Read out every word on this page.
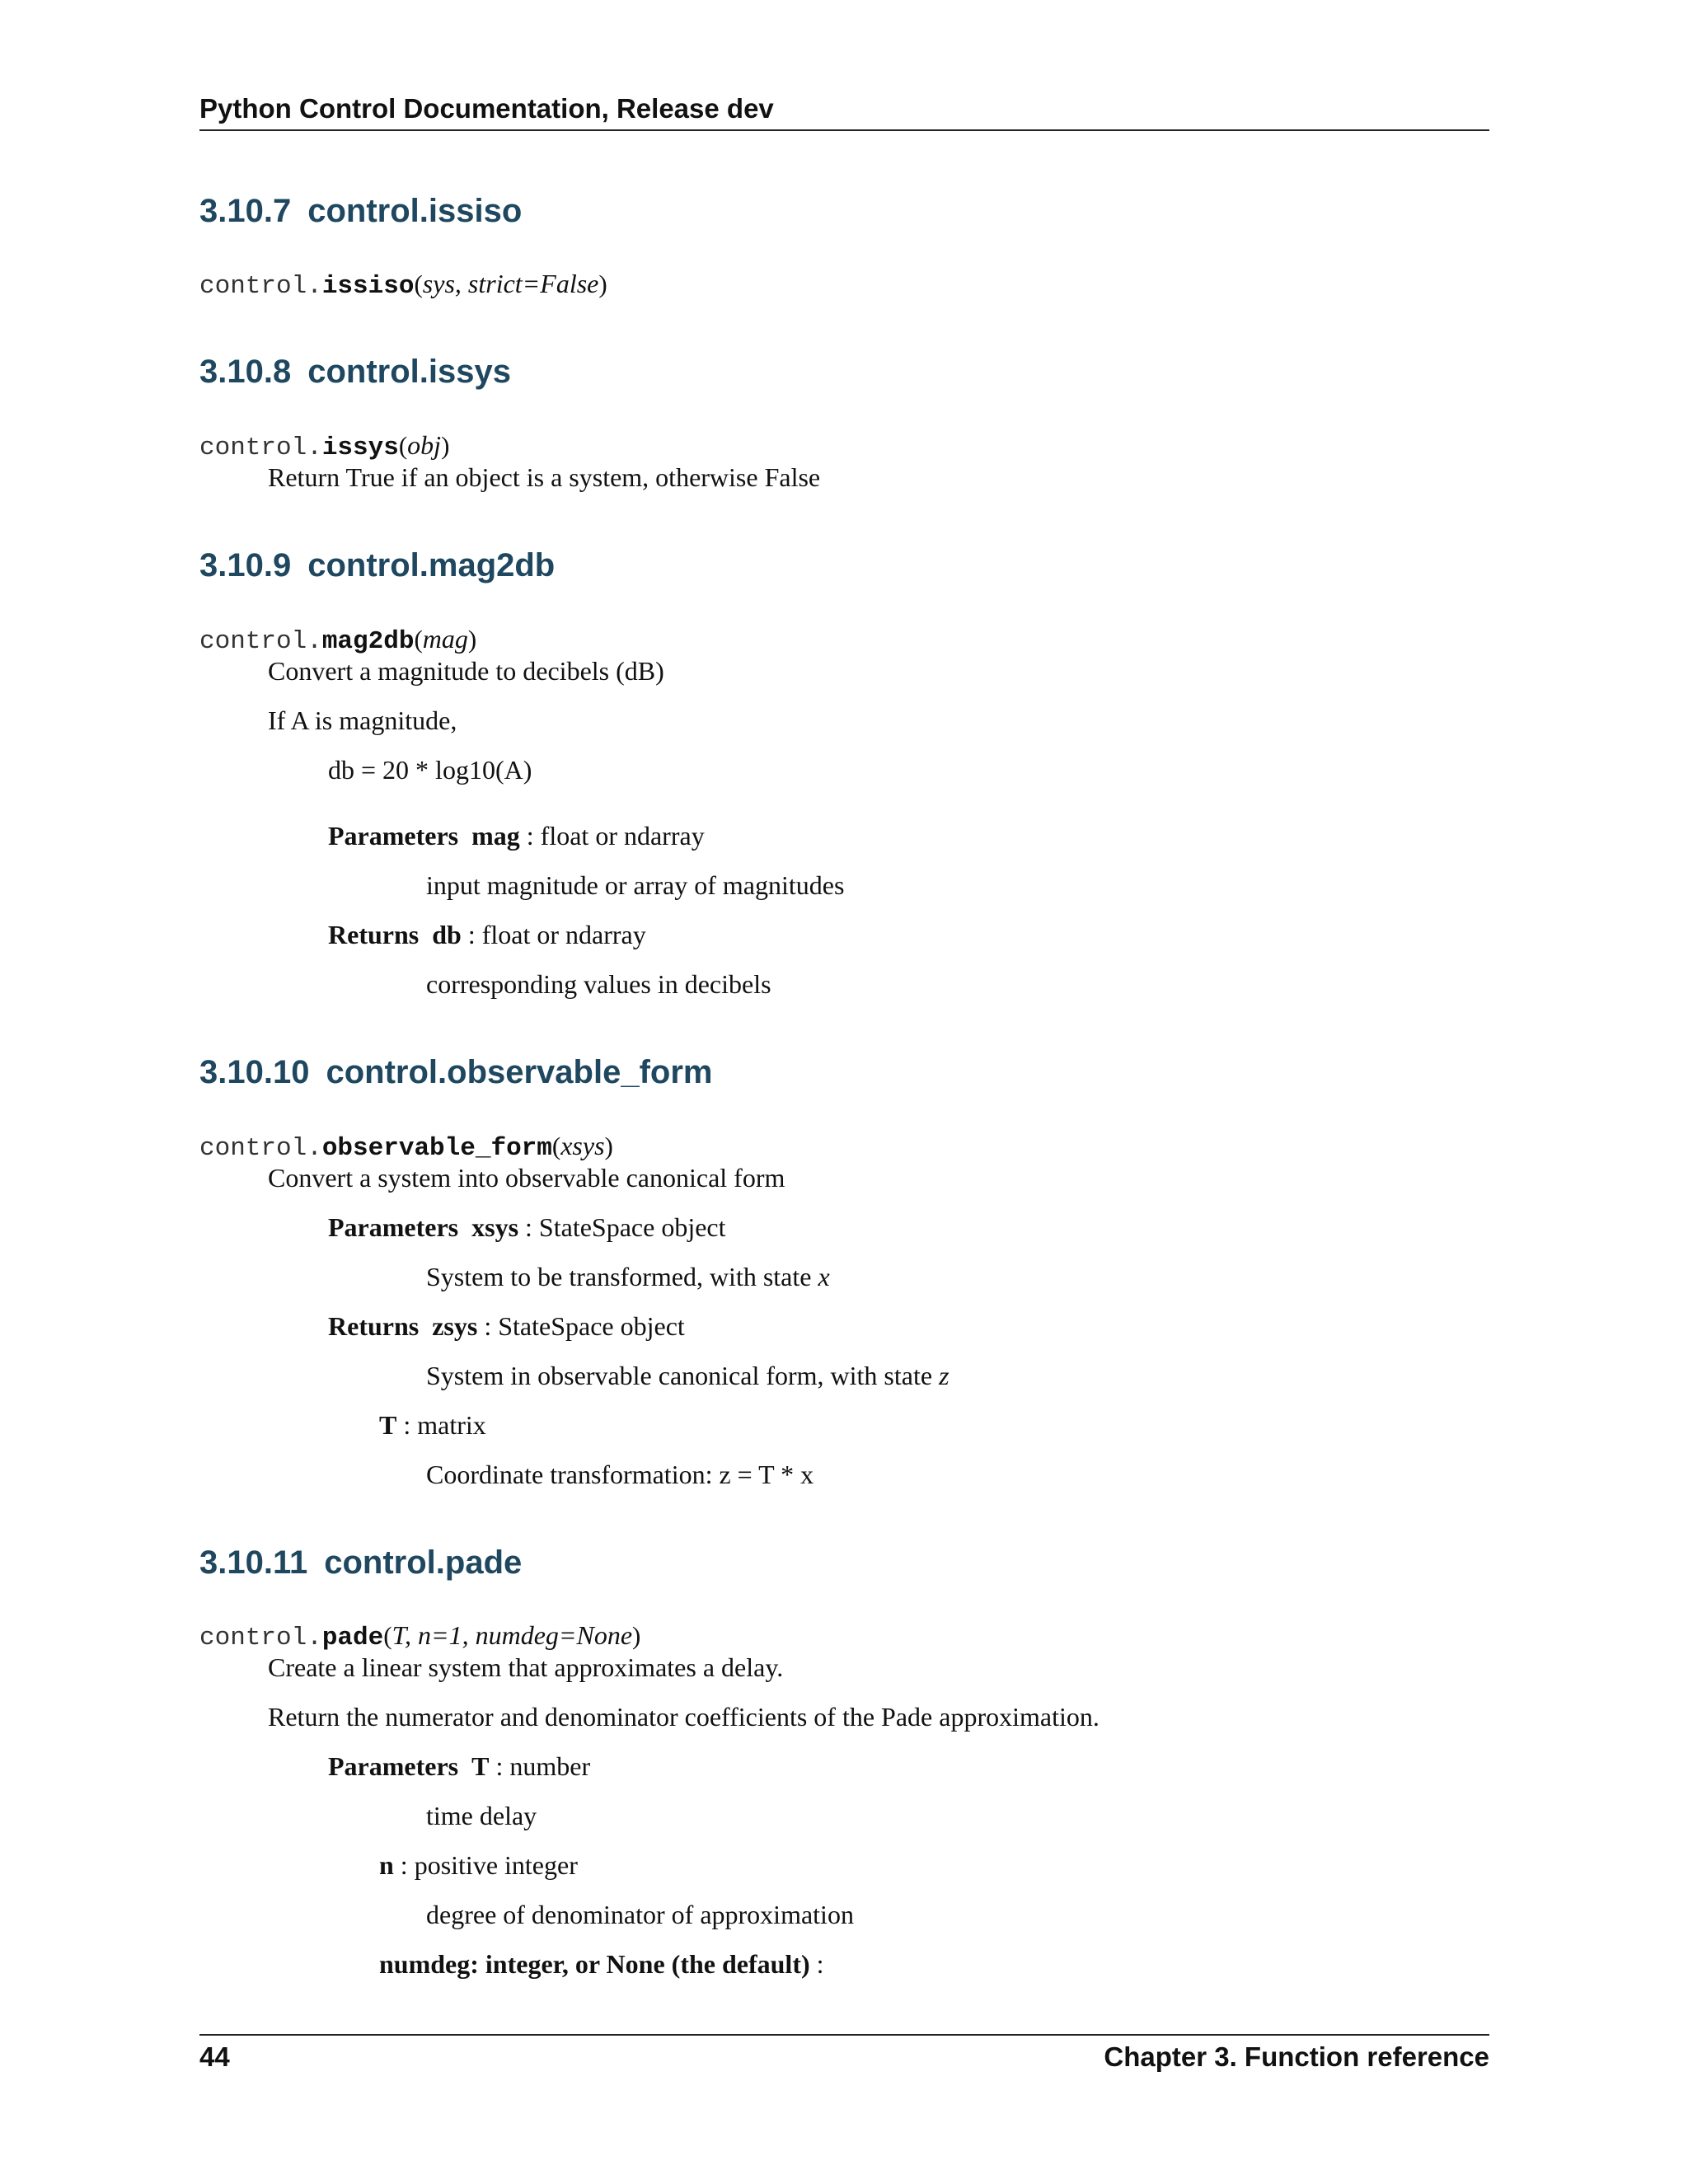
Python Control Documentation, Release dev
3.10.7 control.issiso
control.issiso(sys, strict=False)
3.10.8 control.issys
control.issys(obj)
Return True if an object is a system, otherwise False
3.10.9 control.mag2db
control.mag2db(mag)
Convert a magnitude to decibels (dB)
If A is magnitude,
db = 20 * log10(A)
Parameters mag : float or ndarray
input magnitude or array of magnitudes
Returns db : float or ndarray
corresponding values in decibels
3.10.10 control.observable_form
control.observable_form(xsys)
Convert a system into observable canonical form
Parameters xsys : StateSpace object
System to be transformed, with state x
Returns zsys : StateSpace object
System in observable canonical form, with state z
T : matrix
Coordinate transformation: z = T * x
3.10.11 control.pade
control.pade(T, n=1, numdeg=None)
Create a linear system that approximates a delay.
Return the numerator and denominator coefficients of the Pade approximation.
Parameters T : number
time delay
n : positive integer
degree of denominator of approximation
numdeg: integer, or None (the default) :
44	Chapter 3. Function reference
